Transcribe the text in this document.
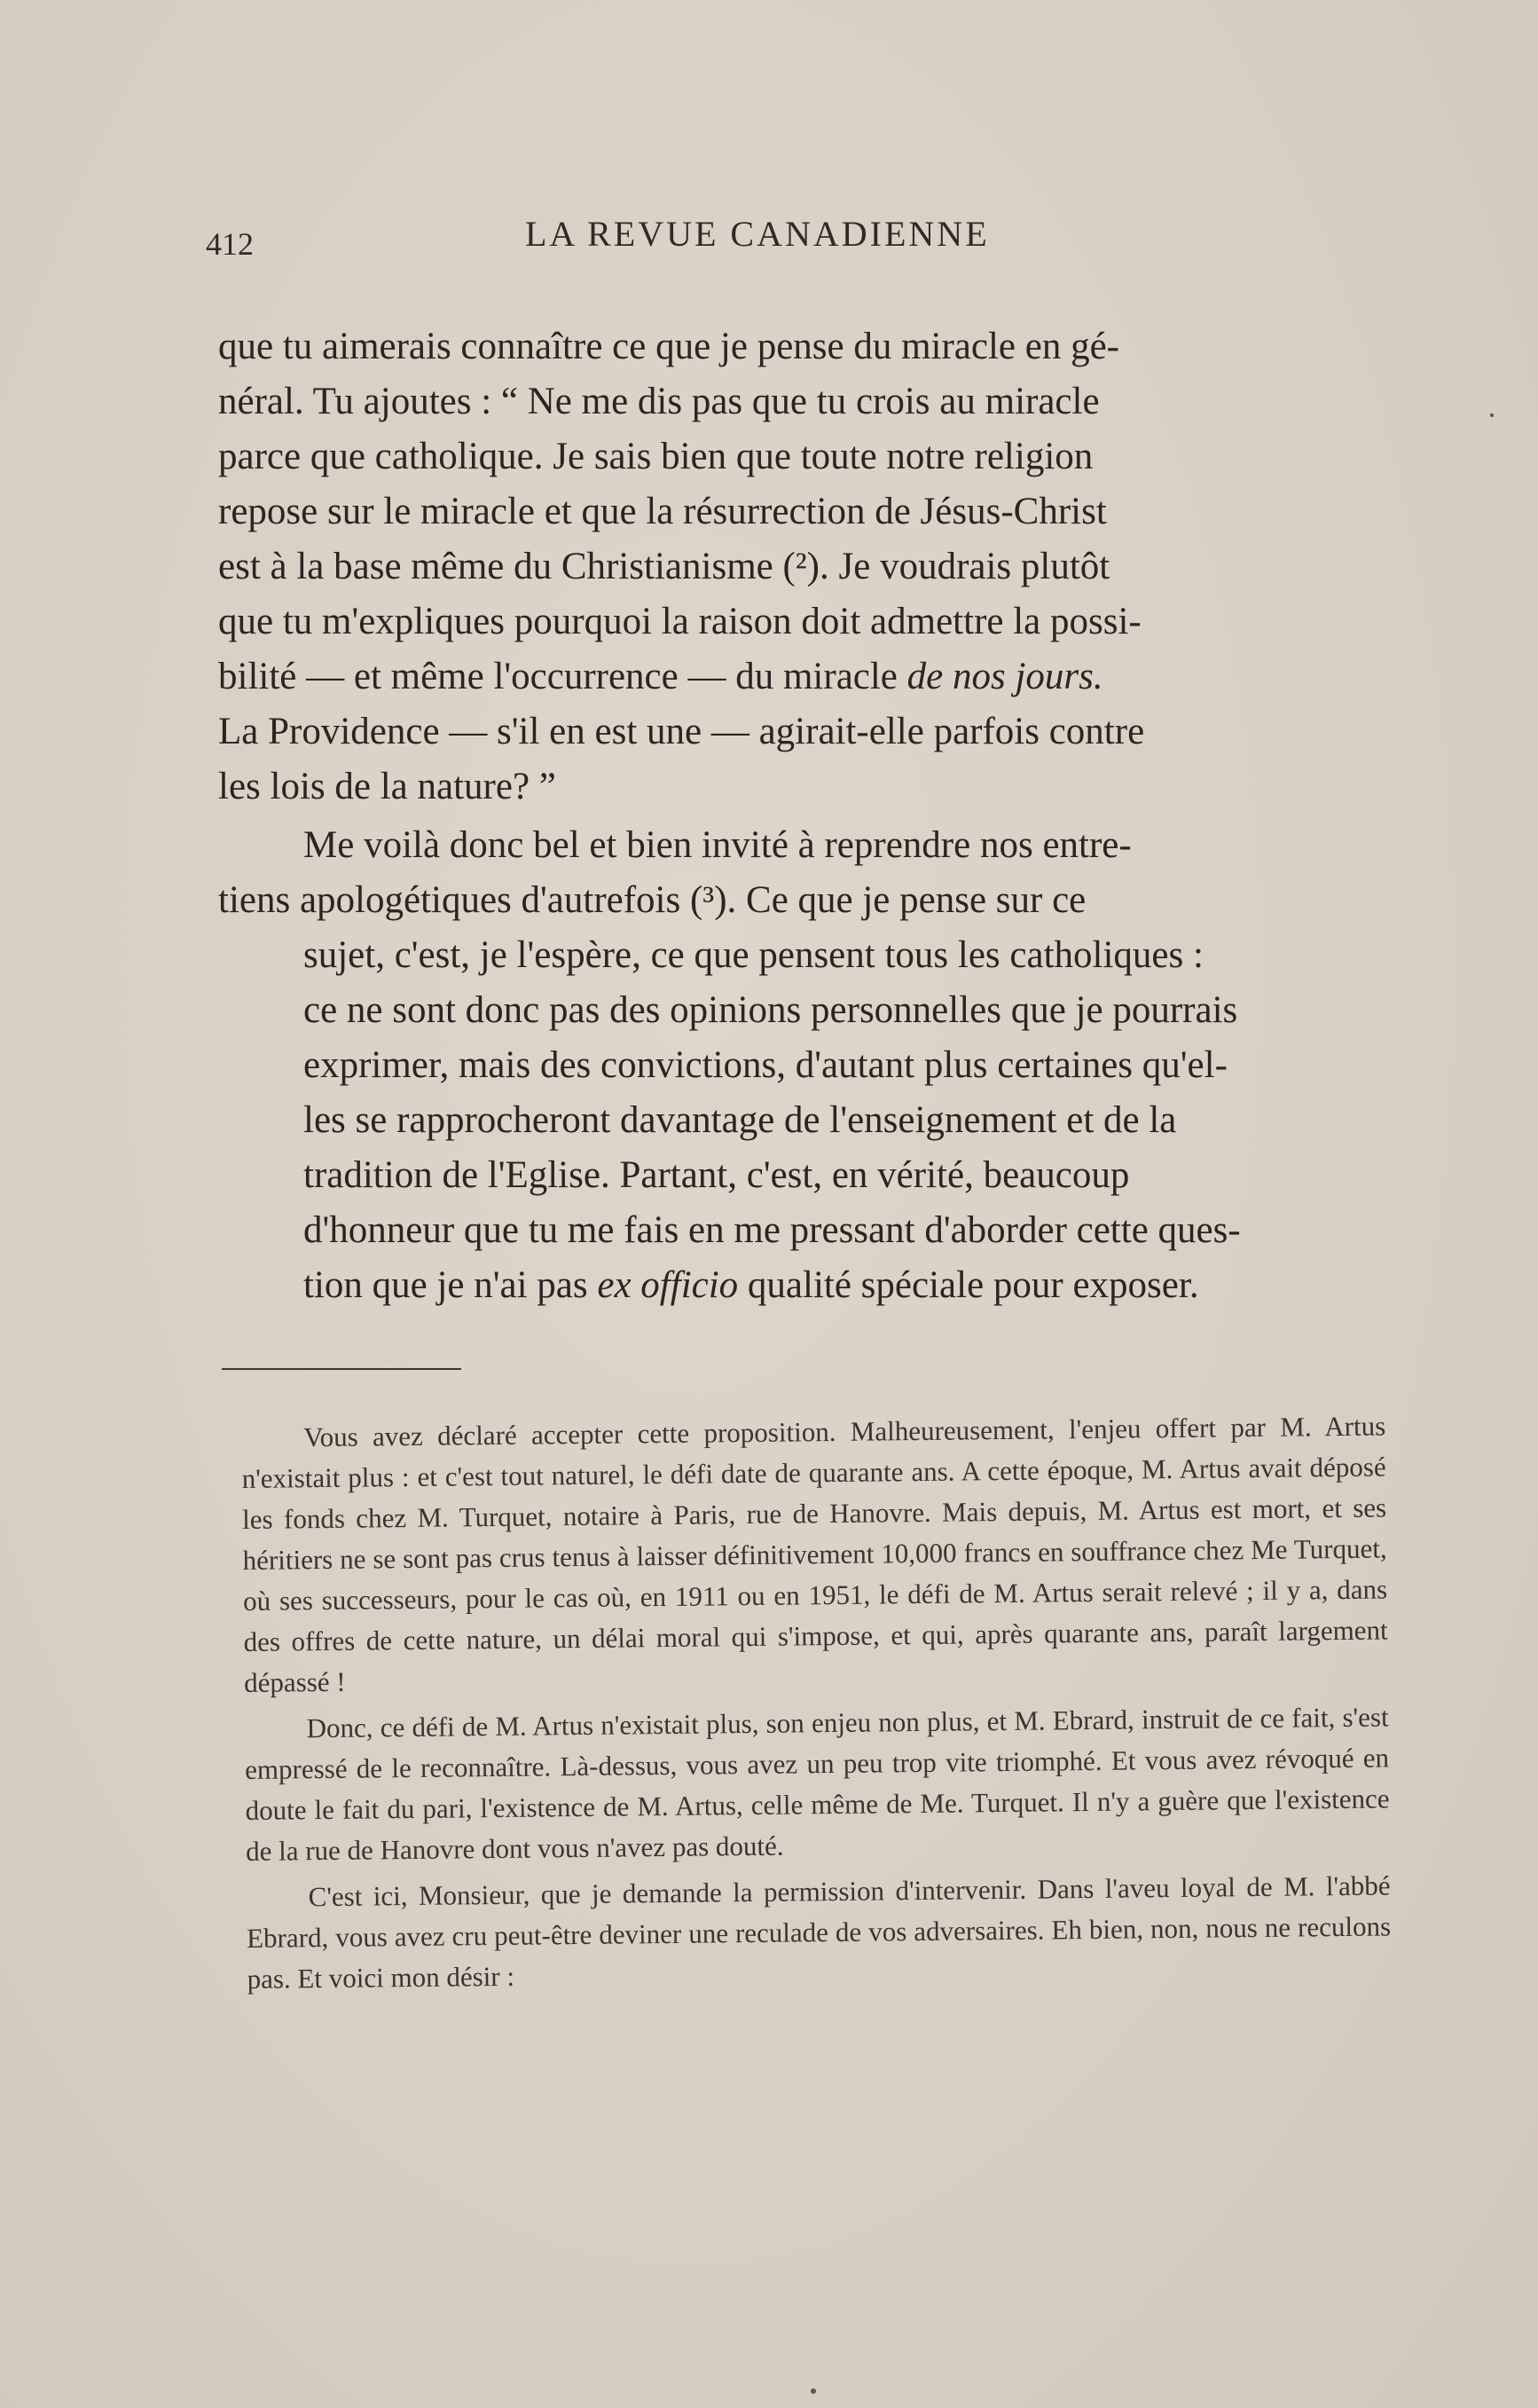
412	LA REVUE CANADIENNE

que tu aimerais connaître ce que je pense du miracle en gé-
néral. Tu ajoutes : “ Ne me dis pas que tu crois au miracle
parce que catholique. Je sais bien que toute notre religion
repose sur le miracle et que la résurrection de Jésus-Christ
est à la base même du Christianisme (²). Je voudrais plutôt
que tu m'expliques pourquoi la raison doit admettre la possi-
bilité — et même l'occurrence — du miracle de nos jours.
La Providence — s'il en est une — agirait-elle parfois contre
les lois de la nature? ”

Me voilà donc bel et bien invité à reprendre nos entre-
tiens apologétiques d'autrefois (³). Ce que je pense sur ce
sujet, c'est, je l'espère, ce que pensent tous les catholiques :
ce ne sont donc pas des opinions personnelles que je pourrais
exprimer, mais des convictions, d'autant plus certaines qu'el-
les se rapprocheront davantage de l'enseignement et de la
tradition de l'Eglise. Partant, c'est, en vérité, beaucoup
d'honneur que tu me fais en me pressant d'aborder cette ques-
tion que je n'ai pas ex officio qualité spéciale pour exposer.

Vous avez déclaré accepter cette proposition. Malheureusement, l'enjeu offert par M. Artus n'existait plus : et c'est tout naturel, le défi date de quarante ans. A cette époque, M. Artus avait déposé les fonds chez M. Turquet, notaire à Paris, rue de Hanovre. Mais depuis, M. Artus est mort, et ses héritiers ne se sont pas crus tenus à laisser définitivement 10,000 francs en souffrance chez Me Turquet, où ses successeurs, pour le cas où, en 1911 ou en 1951, le défi de M. Artus serait relevé ; il y a, dans des offres de cette nature, un délai moral qui s'impose, et qui, après quarante ans, paraît largement dépassé !

Donc, ce défi de M. Artus n'existait plus, son enjeu non plus, et M. Ebrard, instruit de ce fait, s'est empressé de le reconnaître. Là-dessus, vous avez un peu trop vite triomphé. Et vous avez révoqué en doute le fait du pari, l'existence de M. Artus, celle même de Me. Turquet. Il n'y a guère que l'existence de la rue de Hanovre dont vous n'avez pas douté.

C'est ici, Monsieur, que je demande la permission d'intervenir. Dans l'aveu loyal de M. l'abbé Ebrard, vous avez cru peut-être deviner une reculade de vos adversaires. Eh bien, non, nous ne reculons pas. Et voici mon désir :
